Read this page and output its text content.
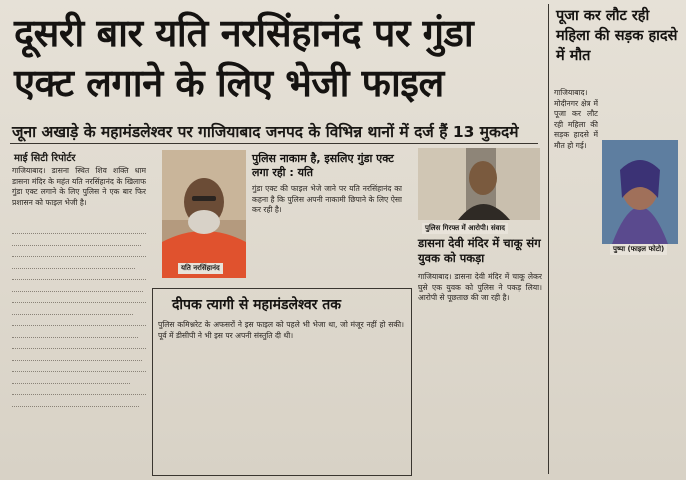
दूसरी बार यति नरसिंहानंद पर गुंडा एक्ट लगाने के लिए भेजी फाइल
जूना अखाड़े के महामंडलेश्वर पर गाजियाबाद जनपद के विभिन्न थानों में दर्ज हैं 13 मुकदमे
माई सिटी रिपोर्टर
गाजियाबाद। डासना स्थित शिव शक्ति धाम डासना मंदिर के महंत यति नरसिंहानंद के खिलाफ गुंडा एक्ट लगाने के लिए पुलिस ने एक बार फिर प्रशासन को फाइल भेजी है।

यति नरसिंहानंद
पुलिस नाकाम है, इसलिए गुंडा एक्ट लगा रही : यति
गुंडा एक्ट की फाइल भेजे जाने पर यति नरसिंहानंद का कहना है कि पुलिस अपनी नाकामी छिपाने के लिए ऐसा कर रही है।
दीपक त्यागी से महामंडलेश्वर तक
पुलिस कमिश्नरेट के अफसरों ने इस फाइल को पहले भी भेजा था, जो मंजूर नहीं हो सकी। पूर्व में डीसीपी ने भी इस पर अपनी संस्तुति दी थी।
पुलिस गिरफ्त में आरोपी। संवाद
डासना देवी मंदिर में चाकू संग युवक को पकड़ा
गाजियाबाद। डासना देवी मंदिर में चाकू लेकर घुसे एक युवक को पुलिस ने पकड़ लिया। आरोपी से पूछताछ की जा रही है।
पूजा कर लौट रही महिला की सड़क हादसे में मौत
पुष्पा (फाइल फोटो)
गाजियाबाद। मोदीनगर क्षेत्र में पूजा कर लौट रही महिला की सड़क हादसे में मौत हो गई।
